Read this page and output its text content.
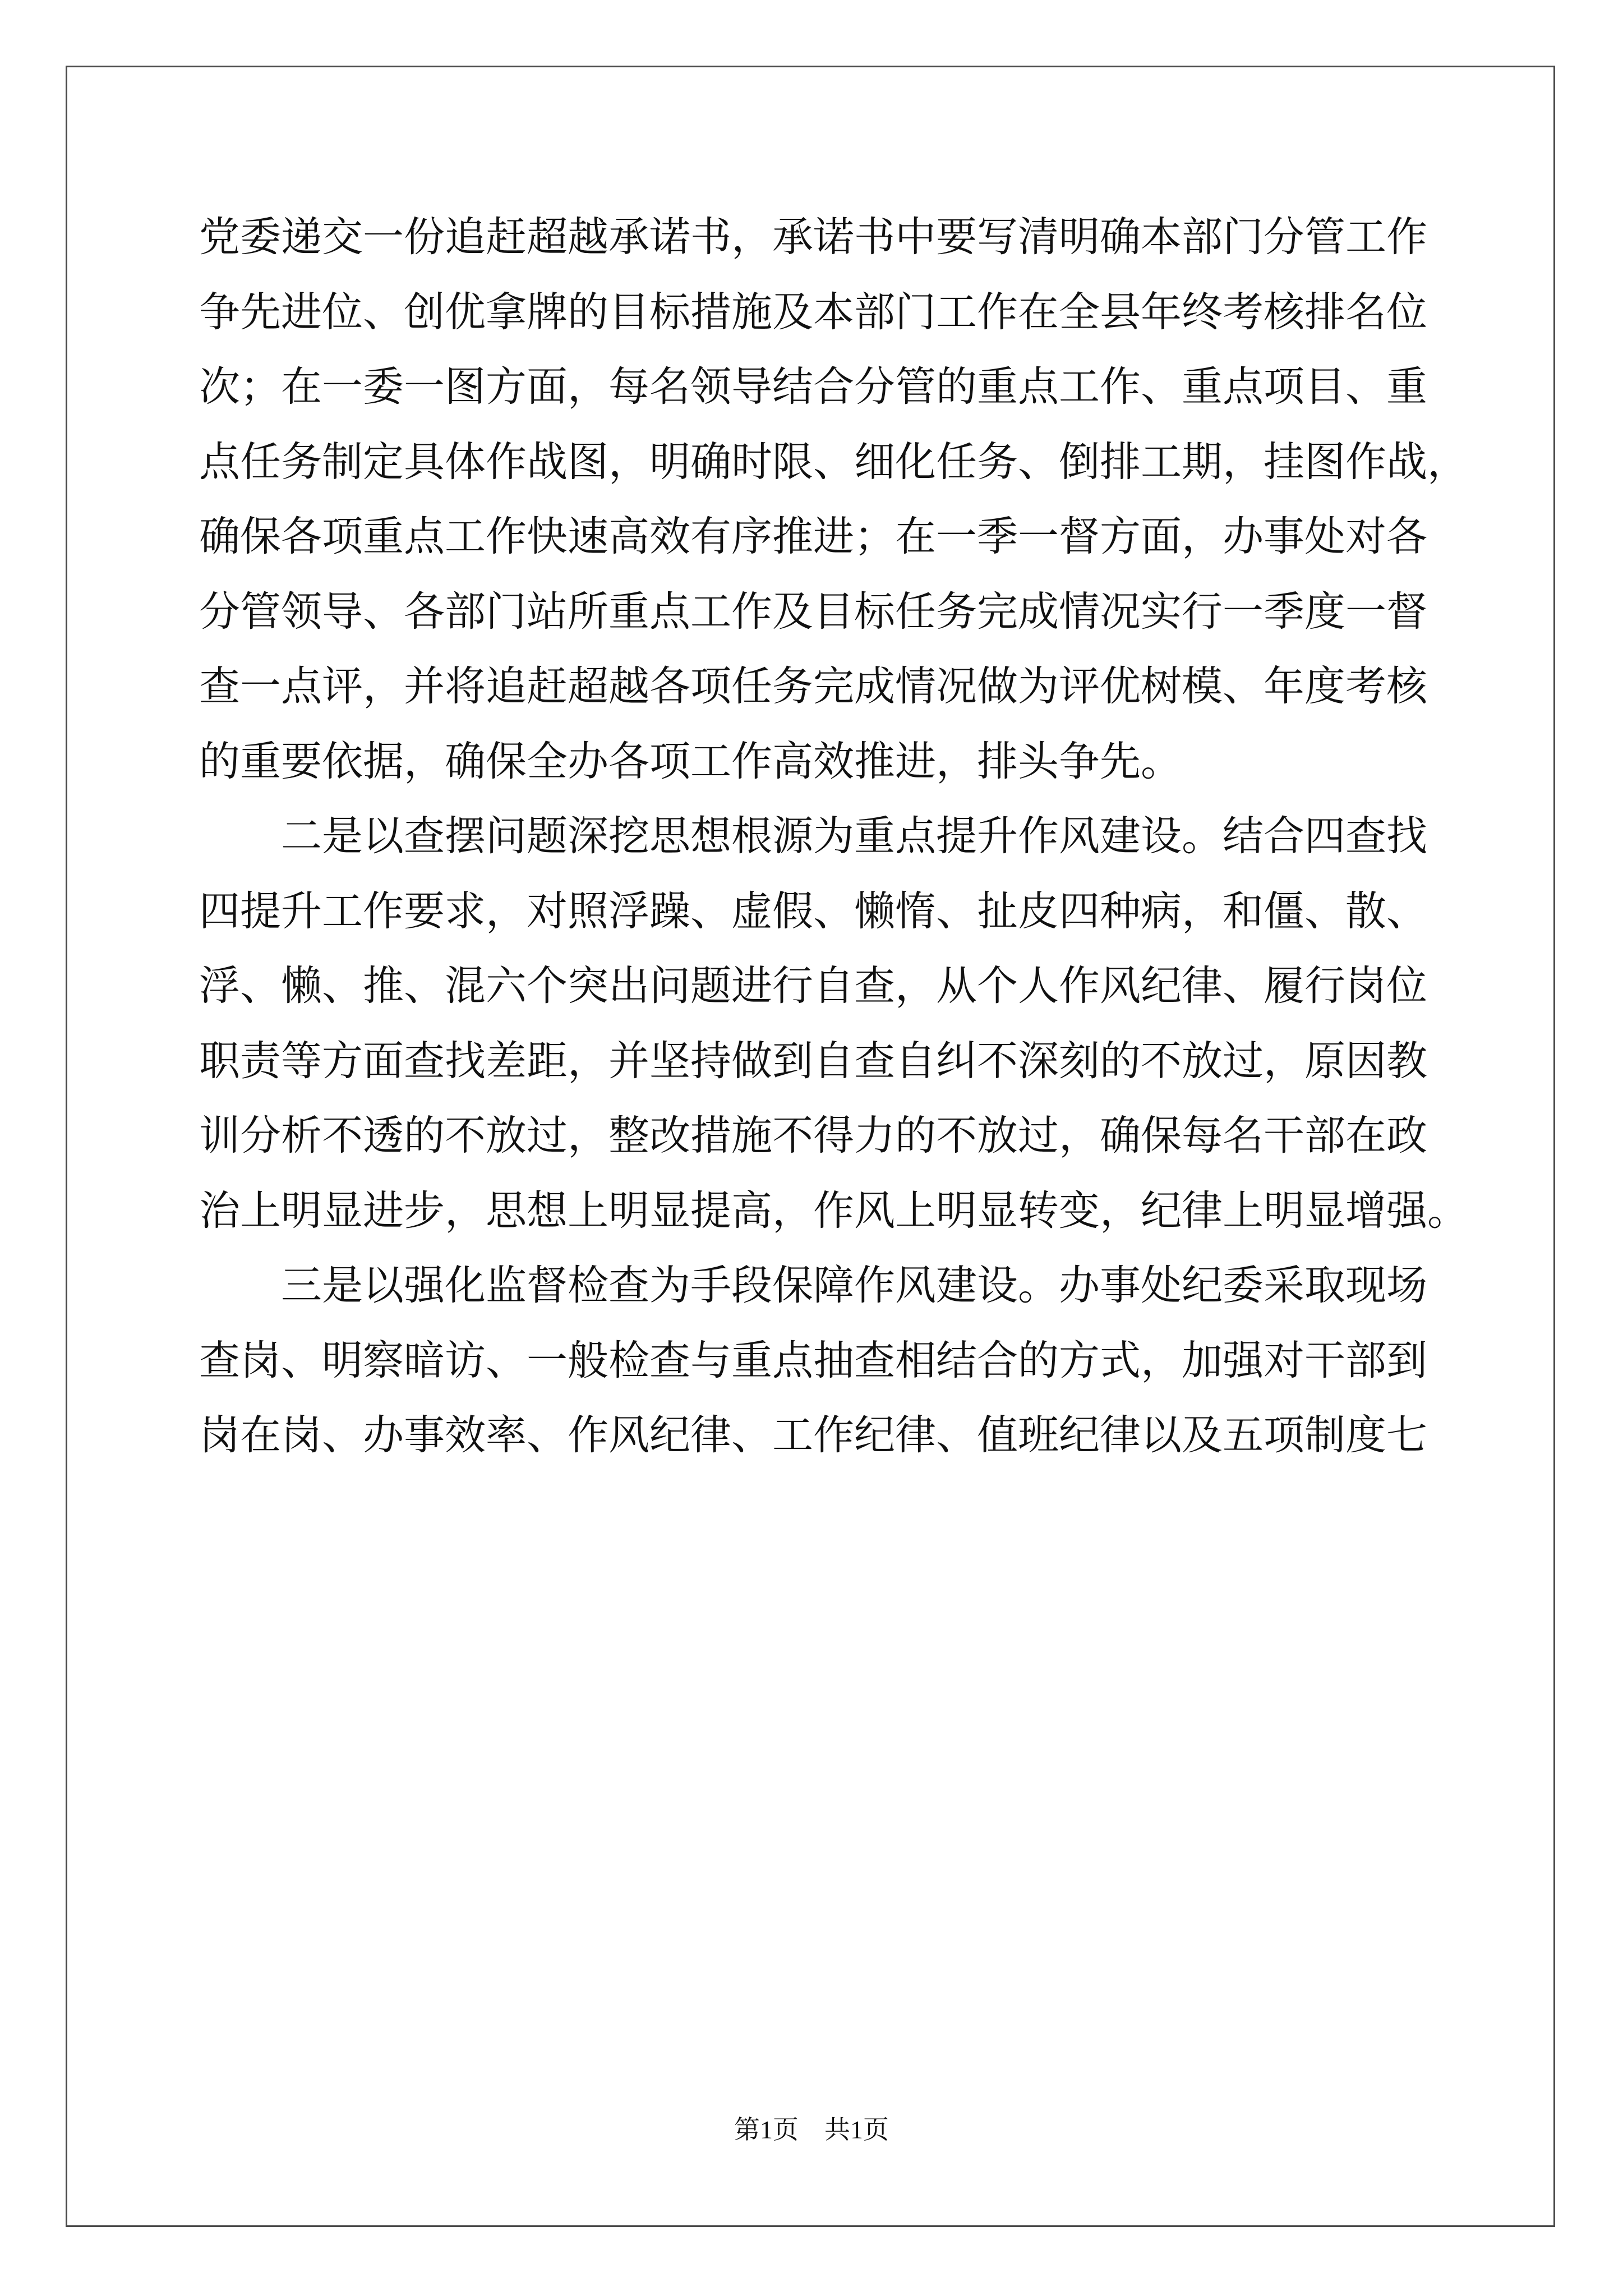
党委递交一份追赶超越承诺书，承诺书中要写清明确本部门分管工作
争先进位、创优拿牌的目标措施及本部门工作在全县年终考核排名位
次；在一委一图方面，每名领导结合分管的重点工作、重点项目、重
点任务制定具体作战图，明确时限、细化任务、倒排工期，挂图作战，
确保各项重点工作快速高效有序推进；在一季一督方面，办事处对各
分管领导、各部门站所重点工作及目标任务完成情况实行一季度一督
查一点评，并将追赶超越各项任务完成情况做为评优树模、年度考核
的重要依据，确保全办各项工作高效推进，排头争先。
二是以查摆问题深挖思想根源为重点提升作风建设。结合四查找
四提升工作要求，对照浮躁、虚假、懒惰、扯皮四种病，和僵、散、
浮、懒、推、混六个突出问题进行自查，从个人作风纪律、履行岗位
职责等方面查找差距，并坚持做到自查自纠不深刻的不放过，原因教
训分析不透的不放过，整改措施不得力的不放过，确保每名干部在政
治上明显进步，思想上明显提高，作风上明显转变，纪律上明显增强。
三是以强化监督检查为手段保障作风建设。办事处纪委采取现场
查岗、明察暗访、一般检查与重点抽查相结合的方式，加强对干部到
岗在岗、办事效率、作风纪律、工作纪律、值班纪律以及五项制度七
第1页 共1页
